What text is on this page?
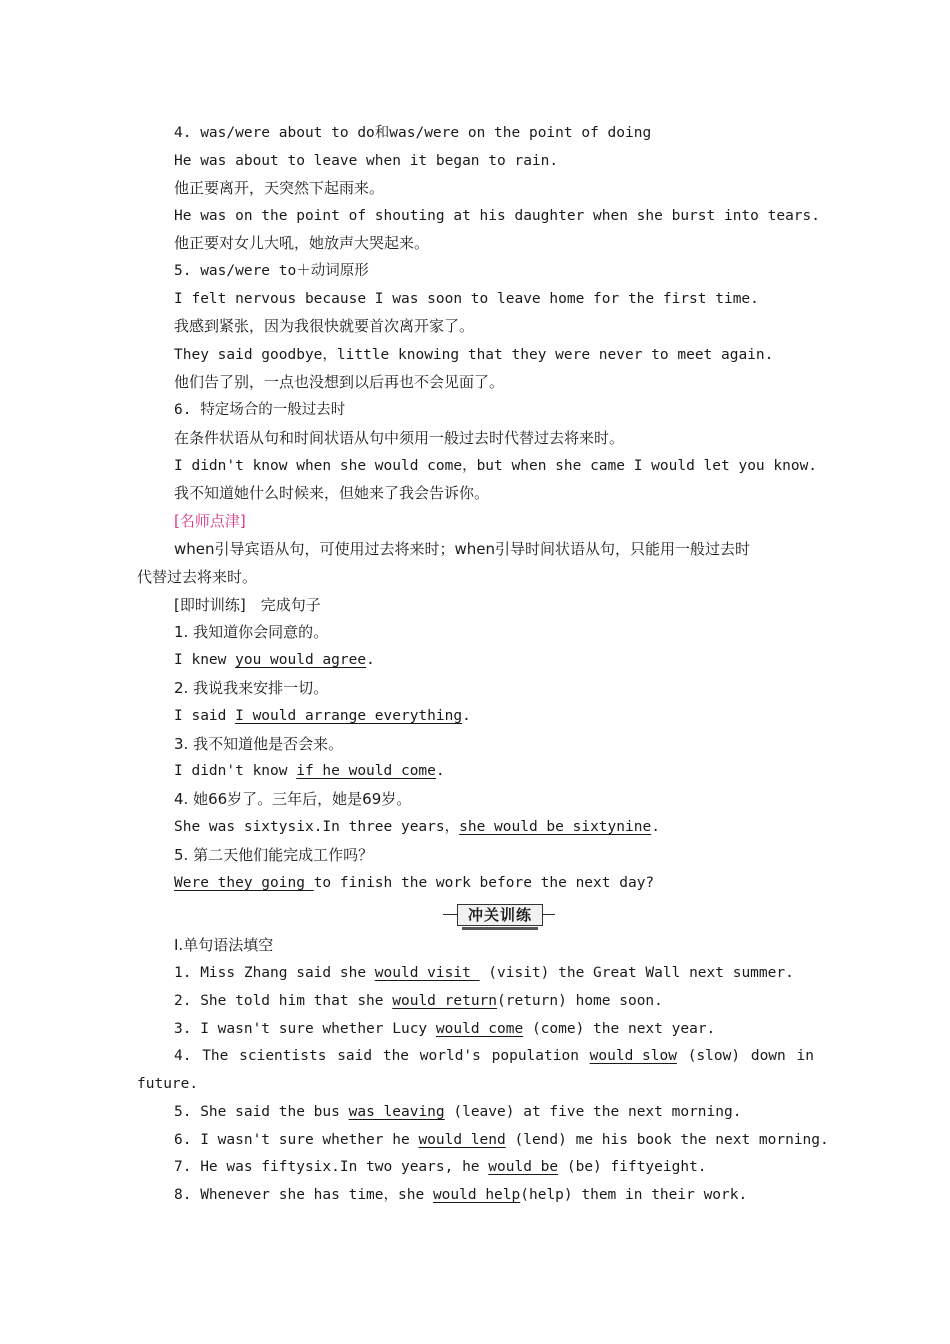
4. was/were about to do和was/were on the point of doing
He was about to leave when it began to rain.
他正要离开，天突然下起雨来。
He was on the point of shouting at his daughter when she burst into tears.
他正要对女儿大吼，她放声大哭起来。
5. was/were to＋动词原形
I felt nervous because I was soon to leave home for the first time.
我感到紧张，因为我很快就要首次离开家了。
They said goodbye，little knowing that they were never to meet again.
他们告了别，一点也没想到以后再也不会见面了。
6. 特定场合的一般过去时
在条件状语从句和时间状语从句中须用一般过去时代替过去将来时。
I didn't know when she would come，but when she came I would let you know.
我不知道她什么时候来，但她来了我会告诉你。
[名师点津]
when引导宾语从句，可使用过去将来时；when引导时间状语从句，只能用一般过去时
代替过去将来时。
[即时训练]　完成句子
1. 我知道你会同意的。
I knew you would agree.
2. 我说我来安排一切。
I said I would arrange everything.
3. 我不知道他是否会来。
I didn't know if he would come.
4. 她66岁了。三年后，她是69岁。
She was sixtysix.In three years，she would be sixtynine.
5. 第二天他们能完成工作吗？
Were they going to finish the work before the next day?
冲关训练
Ⅰ.单句语法填空
1. Miss Zhang said she would visit  (visit) the Great Wall next summer.
2. She told him that she would return(return) home soon.
3. I wasn't sure whether Lucy would come (come) the next year.
4. The scientists said the world's population would slow (slow) down in
future.
5. She said the bus was leaving (leave) at five the next morning.
6. I wasn't sure whether he would lend (lend) me his book the next morning.
7. He was fiftysix.In two years, he would be (be) fiftyeight.
8. Whenever she has time，she would help(help) them in their work.
